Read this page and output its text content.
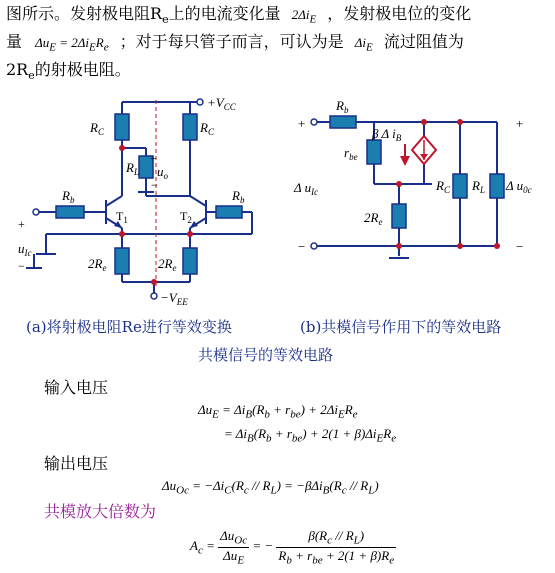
图所示。发射极电阻$R_e$上的电流变化量 $2\Delta i_E$ ，发射极电位的变化
量 $\Delta u_E = 2\Delta i_ER_e$ ；对于每只管子而言，可认为是 $\Delta i_E$ 流过阻值为
$2R_e$的射极电阻。
$+V_{CC}$
$R_C$	$R_C$
$R_L$ $u_o$
+
−
$R_b$	$R_b$
$T_1$	$T_2$
+
$u_{Ic}$
−	$2R_e$	$2R_e$
$-V_{EE}$
$R_b$
β Δ $i_B$
$r_{be}$
+
Δ $u_{Ic}$
−
$2R_e$
$R_C$ $R_L$ Δ $u_{0c}$
+
−
(a)将射极电阻Re进行等效变换	(b)共模信号作用下的等效电路
共模信号的等效电路
输入电压
$\Delta u_E = \Delta i_B(R_b + r_{be}) + 2\Delta i_ER_e$
= $\Delta i_B(R_b + r_{be}) + 2(1 + \beta)\Delta i_ER_e$
输出电压
$\Delta u_{Oc} = -\Delta i_C(R_c // R_L) = -\beta\Delta i_B(R_c // R_L)$
共模放大倍数为
$A_c = \frac{\Delta u_{Oc}}{\Delta u_E}$ = − $\frac{\beta(R_c // R_L)}{R_b + r_{be} + 2(1 + \beta)R_e}$
